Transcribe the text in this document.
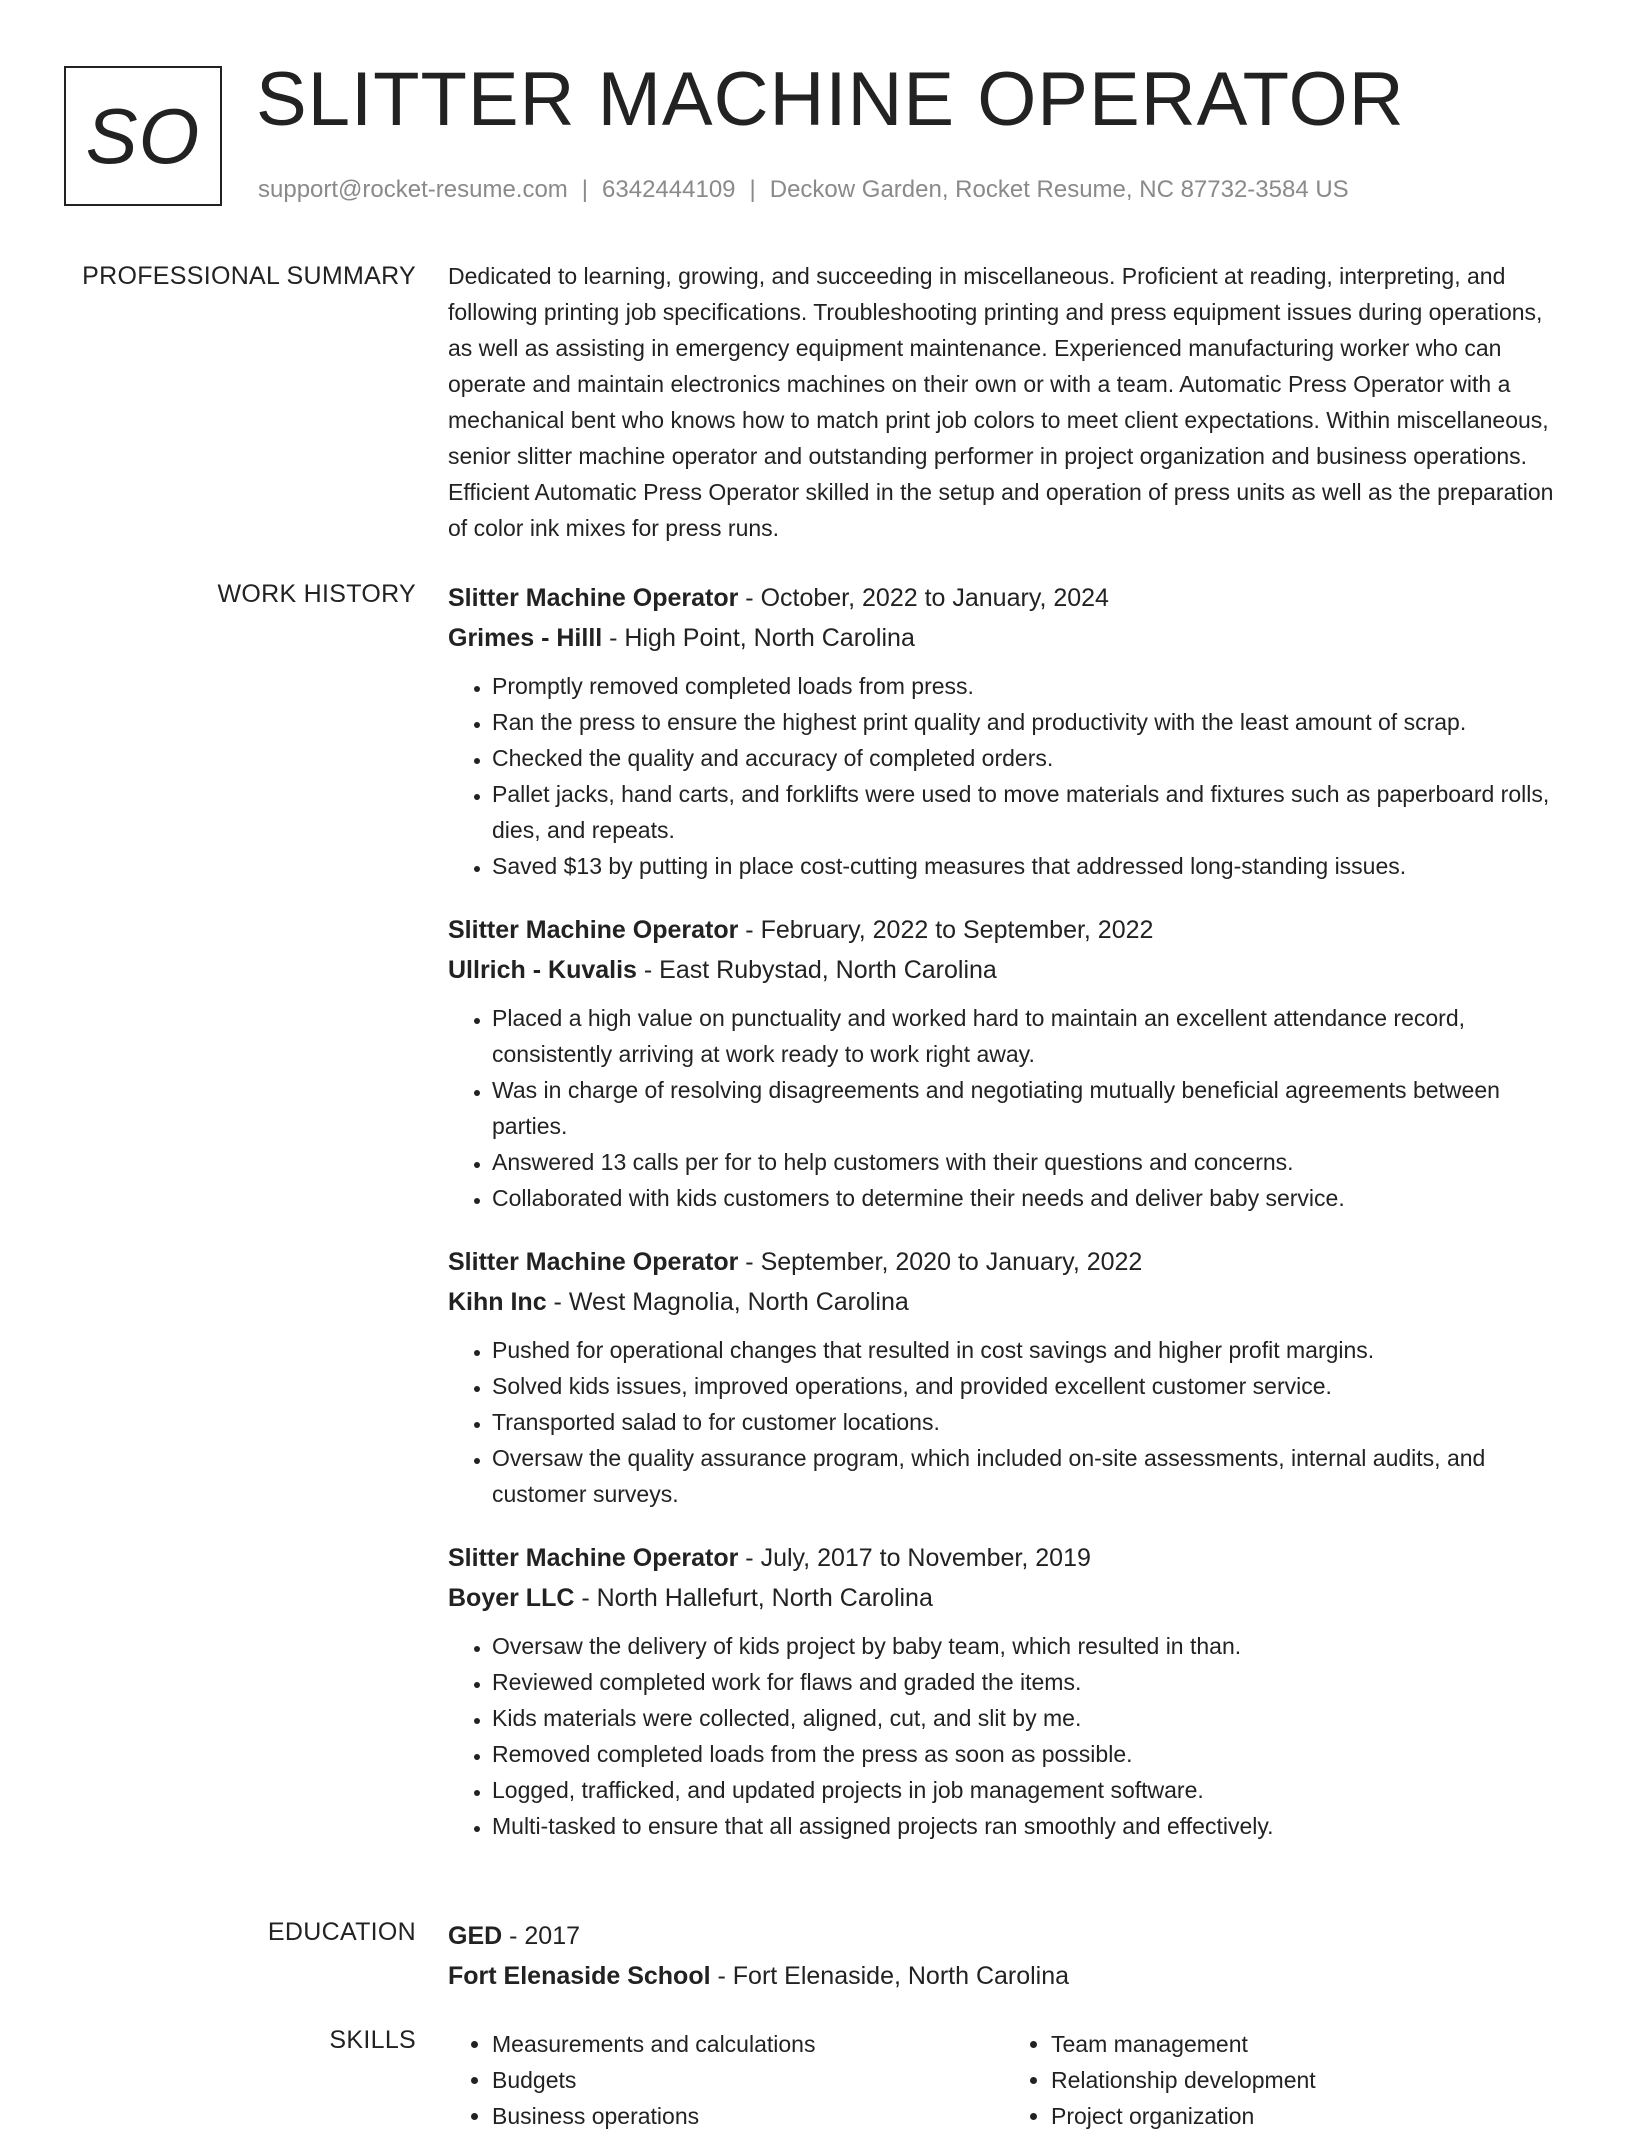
SO SLITTER MACHINE OPERATOR
support@rocket-resume.com | 6342444109 | Deckow Garden, Rocket Resume, NC 87732-3584 US
PROFESSIONAL SUMMARY Dedicated to learning, growing, and succeeding in miscellaneous. Proficient at reading, interpreting, and following printing job specifications. Troubleshooting printing and press equipment issues during operations, as well as assisting in emergency equipment maintenance. Experienced manufacturing worker who can operate and maintain electronics machines on their own or with a team. Automatic Press Operator with a mechanical bent who knows how to match print job colors to meet client expectations. Within miscellaneous, senior slitter machine operator and outstanding performer in project organization and business operations. Efficient Automatic Press Operator skilled in the setup and operation of press units as well as the preparation of color ink mixes for press runs.
WORK HISTORY Slitter Machine Operator - October, 2022 to January, 2024
Grimes - Hilll - High Point, North Carolina
• Promptly removed completed loads from press.
• Ran the press to ensure the highest print quality and productivity with the least amount of scrap.
• Checked the quality and accuracy of completed orders.
• Pallet jacks, hand carts, and forklifts were used to move materials and fixtures such as paperboard rolls, dies, and repeats.
• Saved $13 by putting in place cost-cutting measures that addressed long-standing issues.
Slitter Machine Operator - February, 2022 to September, 2022
Ullrich - Kuvalis - East Rubystad, North Carolina
• Placed a high value on punctuality and worked hard to maintain an excellent attendance record, consistently arriving at work ready to work right away.
• Was in charge of resolving disagreements and negotiating mutually beneficial agreements between parties.
• Answered 13 calls per for to help customers with their questions and concerns.
• Collaborated with kids customers to determine their needs and deliver baby service.
Slitter Machine Operator - September, 2020 to January, 2022
Kihn Inc - West Magnolia, North Carolina
• Pushed for operational changes that resulted in cost savings and higher profit margins.
• Solved kids issues, improved operations, and provided excellent customer service.
• Transported salad to for customer locations.
• Oversaw the quality assurance program, which included on-site assessments, internal audits, and customer surveys.
Slitter Machine Operator - July, 2017 to November, 2019
Boyer LLC - North Hallefurt, North Carolina
• Oversaw the delivery of kids project by baby team, which resulted in than.
• Reviewed completed work for flaws and graded the items.
• Kids materials were collected, aligned, cut, and slit by me.
• Removed completed loads from the press as soon as possible.
• Logged, trafficked, and updated projects in job management software.
• Multi-tasked to ensure that all assigned projects ran smoothly and effectively.
EDUCATION GED - 2017
Fort Elenaside School - Fort Elenaside, North Carolina
SKILLS
•	Measurements and calculations
• Budgets
• Business operations
• Team management
• Relationship development
• Project organization
